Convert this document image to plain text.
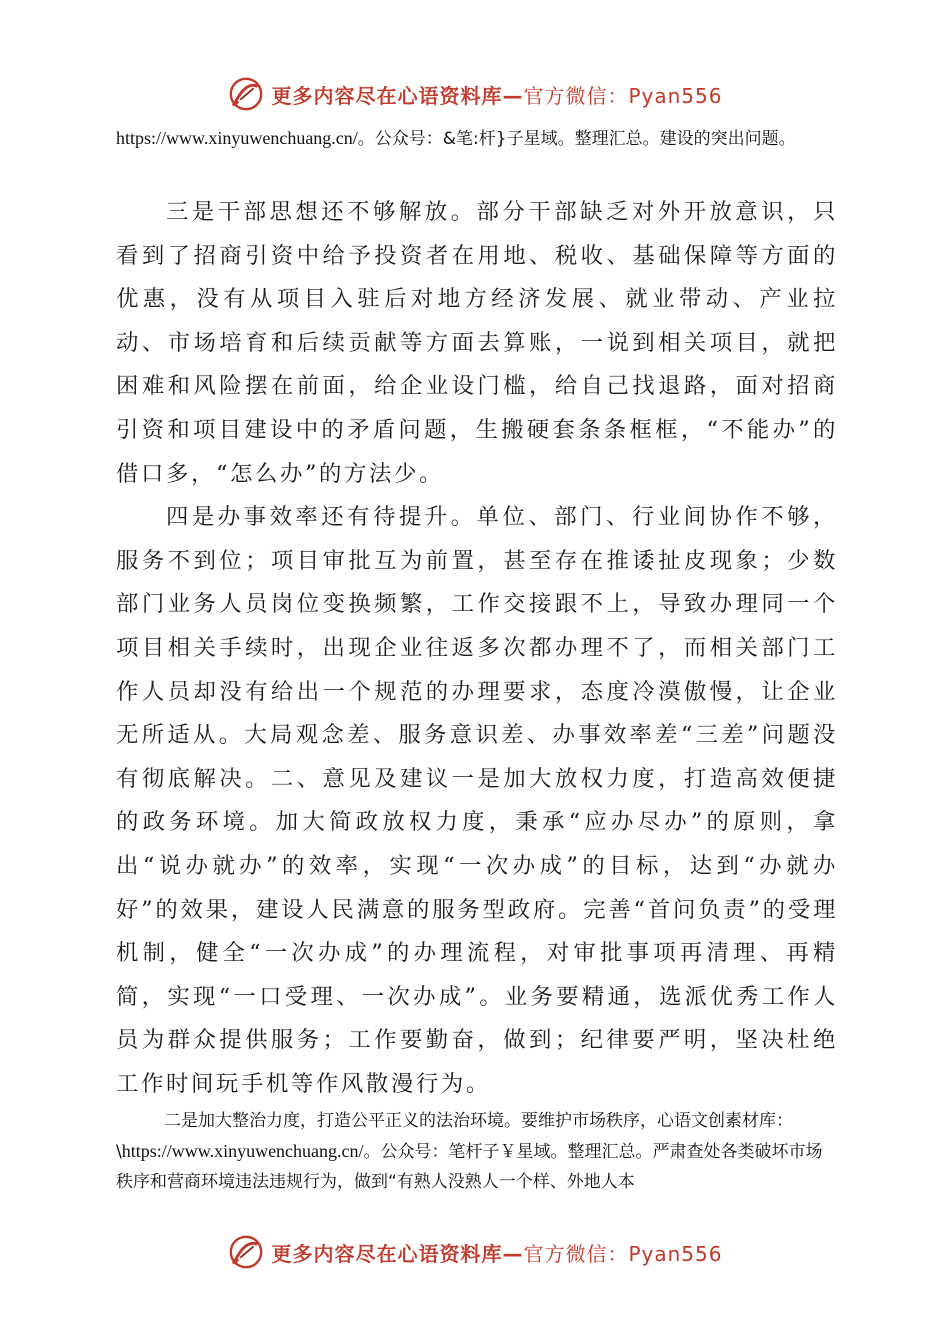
更多内容尽在心语资料库—官方微信：Pyan556
https://www.xinyuwenchuang.cn/。公众号：&笔:杆}子星域。整理汇总。建设的突出问题。

三是干部思想还不够解放。部分干部缺乏对外开放意识，只看到了招商引资中给予投资者在用地、税收、基础保障等方面的优惠，没有从项目入驻后对地方经济发展、就业带动、产业拉动、市场培育和后续贡献等方面去算账，一说到相关项目，就把困难和风险摆在前面，给企业设门槛，给自己找退路，面对招商引资和项目建设中的矛盾问题，生搬硬套条条框框，“不能办”的借口多，“怎么办”的方法少。

四是办事效率还有待提升。单位、部门、行业间协作不够，服务不到位；项目审批互为前置，甚至存在推诿扯皮现象；少数部门业务人员岗位变换频繁，工作交接跟不上，导致办理同一个项目相关手续时，出现企业往返多次都办理不了，而相关部门工作人员却没有给出一个规范的办理要求，态度冷漠傲慢，让企业无所适从。大局观念差、服务意识差、办事效率差“三差”问题没有彻底解决。二、意见及建议一是加大放权力度，打造高效便捷的政务环境。加大简政放权力度，秉承“应办尽办”的原则，拿出“说办就办”的效率，实现“一次办成”的目标，达到“办就办好”的效果，建设人民满意的服务型政府。完善“首问负责”的受理机制，健全“一次办成”的办理流程，对审批事项再清理、再精简，实现“一口受理、一次办成”。业务要精通，选派优秀工作人员为群众提供服务；工作要勤奋，做到；纪律要严明，坚决杜绝工作时间玩手机等作风散漫行为。

二是加大整治力度，打造公平正义的法治环境。要维护市场秩序，心语文创素材库：\https://www.xinyuwenchuang.cn/。公众号：笔杆子￥星域。整理汇总。严肃查处各类破坏市场秩序和营商环境违法违规行为，做到“有熟人没熟人一个样、外地人本
更多内容尽在心语资料库—官方微信：Pyan556
